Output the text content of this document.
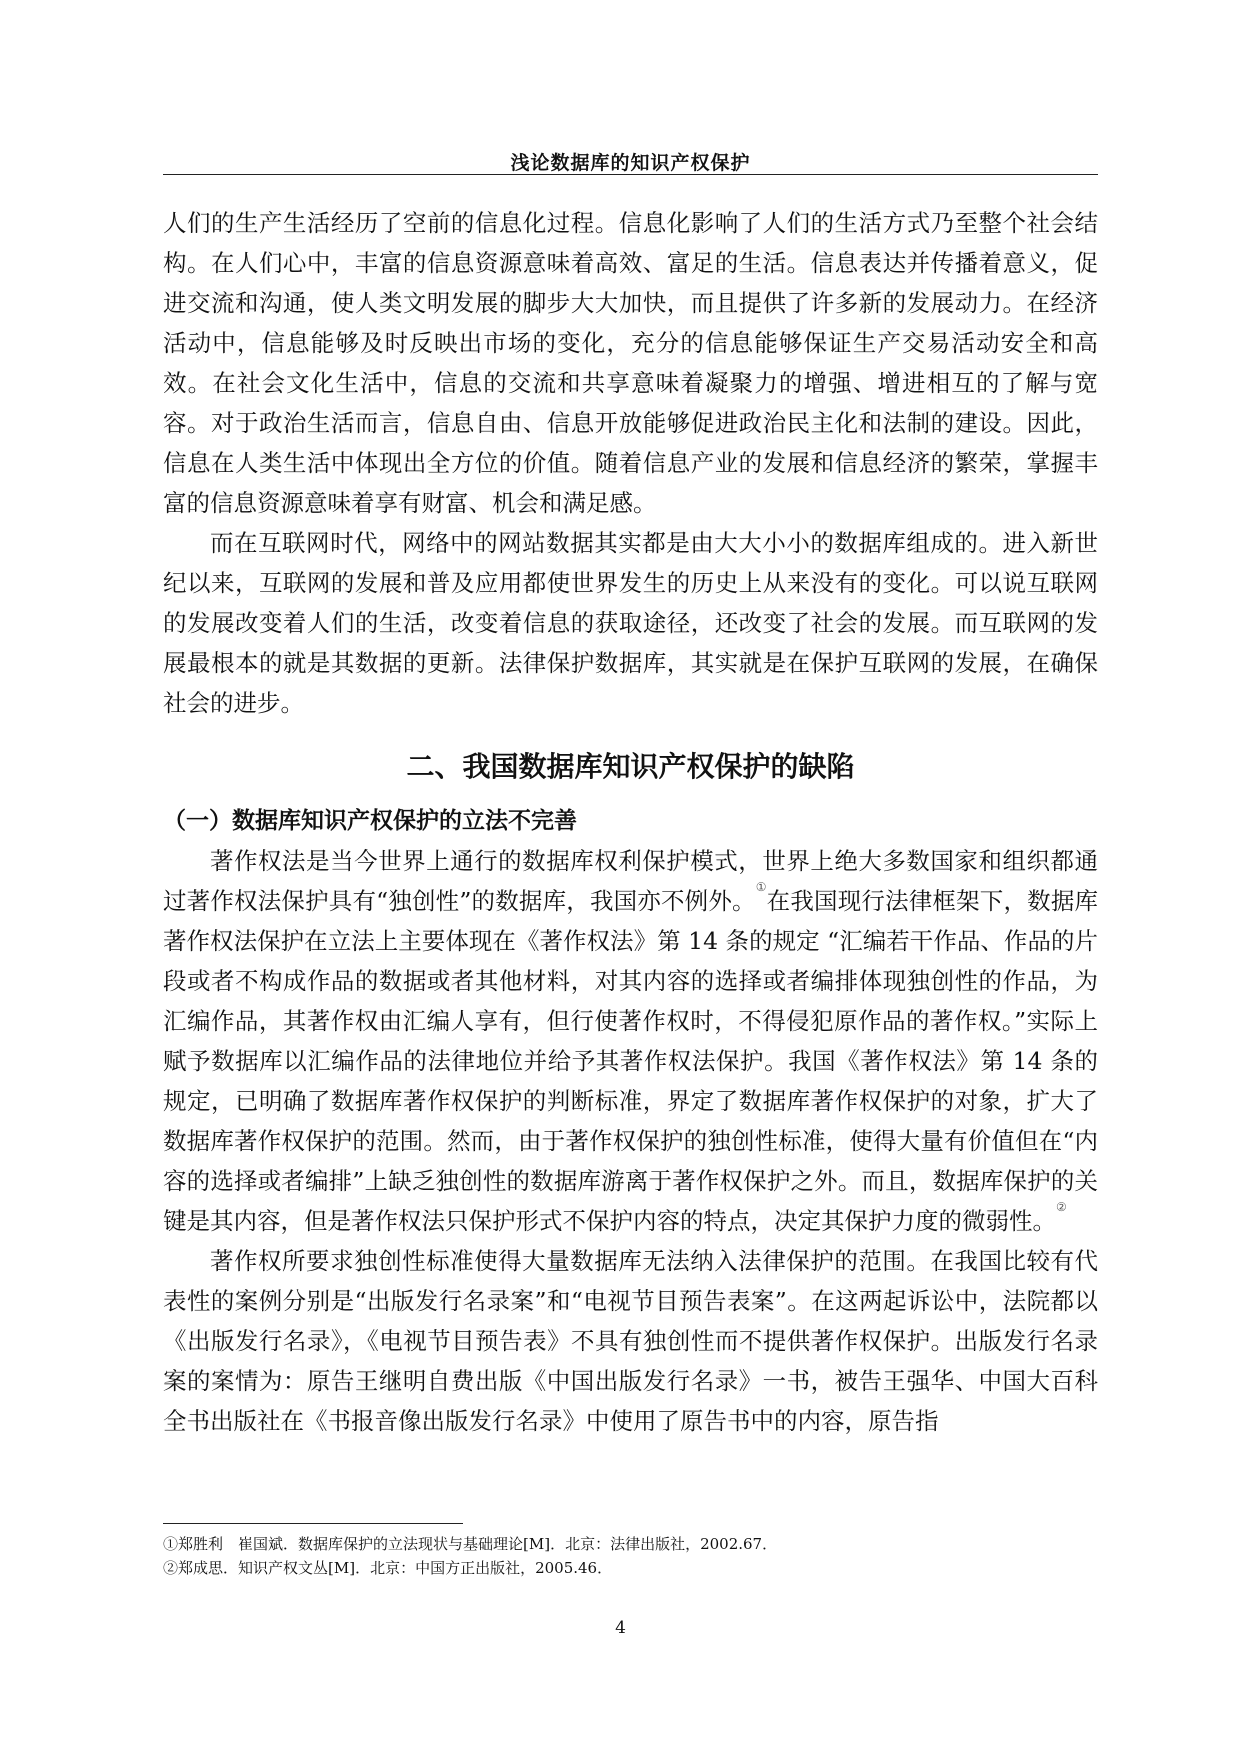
浅论数据库的知识产权保护

人们的生产生活经历了空前的信息化过程。信息化影响了人们的生活方式乃至整个社会结构。在人们心中，丰富的信息资源意味着高效、富足的生活。信息表达并传播着意义，促进交流和沟通，使人类文明发展的脚步大大加快，而且提供了许多新的发展动力。在经济活动中，信息能够及时反映出市场的变化，充分的信息能够保证生产交易活动安全和高效。在社会文化生活中，信息的交流和共享意味着凝聚力的增强、增进相互的了解与宽容。对于政治生活而言，信息自由、信息开放能够促进政治民主化和法制的建设。因此，信息在人类生活中体现出全方位的价值。随着信息产业的发展和信息经济的繁荣，掌握丰富的信息资源意味着享有财富、机会和满足感。

而在互联网时代，网络中的网站数据其实都是由大大小小的数据库组成的。进入新世纪以来，互联网的发展和普及应用都使世界发生的历史上从来没有的变化。可以说互联网的发展改变着人们的生活，改变着信息的获取途径，还改变了社会的发展。而互联网的发展最根本的就是其数据的更新。法律保护数据库，其实就是在保护互联网的发展，在确保社会的进步。

二、我国数据库知识产权保护的缺陷
（一）数据库知识产权保护的立法不完善

著作权法是当今世界上通行的数据库权利保护模式，世界上绝大多数国家和组织都通过著作权法保护具有“独创性”的数据库，我国亦不例外。①在我国现行法律框架下，数据库著作权法保护在立法上主要体现在《著作权法》第 14 条的规定 “汇编若干作品、作品的片段或者不构成作品的数据或者其他材料，对其内容的选择或者编排体现独创性的作品，为汇编作品，其著作权由汇编人享有，但行使著作权时，不得侵犯原作品的著作权。”实际上赋予数据库以汇编作品的法律地位并给予其著作权法保护。我国《著作权法》第 14 条的规定，已明确了数据库著作权保护的判断标准，界定了数据库著作权保护的对象，扩大了数据库著作权保护的范围。然而，由于著作权保护的独创性标准，使得大量有价值但在“内容的选择或者编排”上缺乏独创性的数据库游离于著作权保护之外。而且，数据库保护的关键是其内容，但是著作权法只保护形式不保护内容的特点，决定其保护力度的微弱性。②

著作权所要求独创性标准使得大量数据库无法纳入法律保护的范围。在我国比较有代表性的案例分别是“出版发行名录案”和“电视节目预告表案”。在这两起诉讼中，法院都以《出版发行名录》，《电视节目预告表》不具有独创性而不提供著作权保护。出版发行名录案的案情为：原告王继明自费出版《中国出版发行名录》一书，被告王强华、中国大百科全书出版社在《书报音像出版发行名录》中使用了原告书中的内容，原告指

①郑胜利　崔国斌．数据库保护的立法现状与基础理论[M]．北京：法律出版社，2002.67．

②郑成思．知识产权文丛[M]．北京：中国方正出版社，2005.46．

4
